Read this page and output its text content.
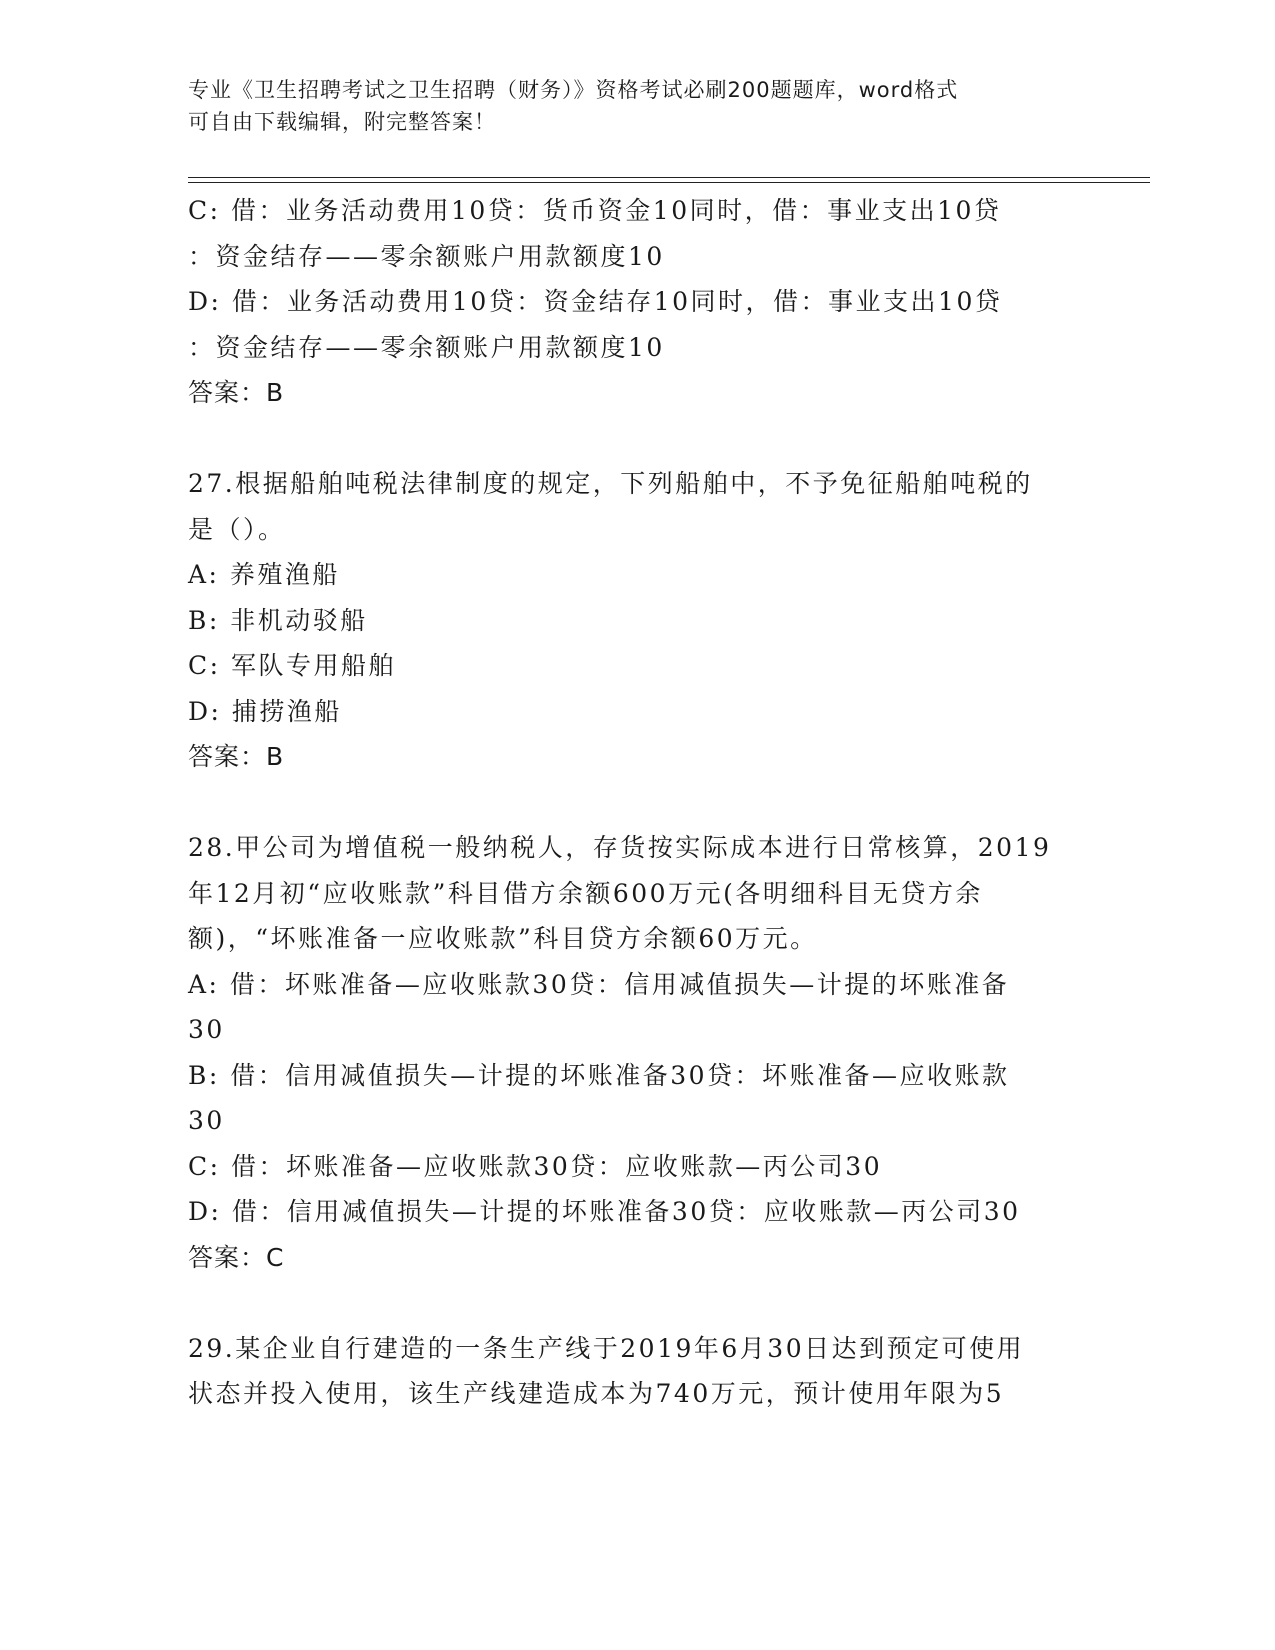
专业《卫生招聘考试之卫生招聘（财务）》资格考试必刷200题题库，word格式
可自由下载编辑，附完整答案！
C: 借：业务活动费用10贷：货币资金10同时，借：事业支出10贷
：资金结存——零余额账户用款额度10
D: 借：业务活动费用10贷：资金结存10同时，借：事业支出10贷
：资金结存——零余额账户用款额度10
答案：B
27.根据船舶吨税法律制度的规定，下列船舶中，不予免征船舶吨税的
是（）。
A: 养殖渔船
B: 非机动驳船
C: 军队专用船舶
D: 捕捞渔船
答案：B
28.甲公司为增值税一般纳税人，存货按实际成本进行日常核算，2019
年12月初“应收账款”科目借方余额600万元(各明细科目无贷方余
额)，“坏账准备一应收账款”科目贷方余额60万元。
A: 借：坏账准备—应收账款30贷：信用减值损失—计提的坏账准备
30
B: 借：信用减值损失—计提的坏账准备30贷：坏账准备—应收账款
30
C: 借：坏账准备—应收账款30贷：应收账款—丙公司30
D: 借：信用减值损失—计提的坏账准备30贷：应收账款—丙公司30
答案：C
29.某企业自行建造的一条生产线于2019年6月30日达到预定可使用
状态并投入使用，该生产线建造成本为740万元，预计使用年限为5
